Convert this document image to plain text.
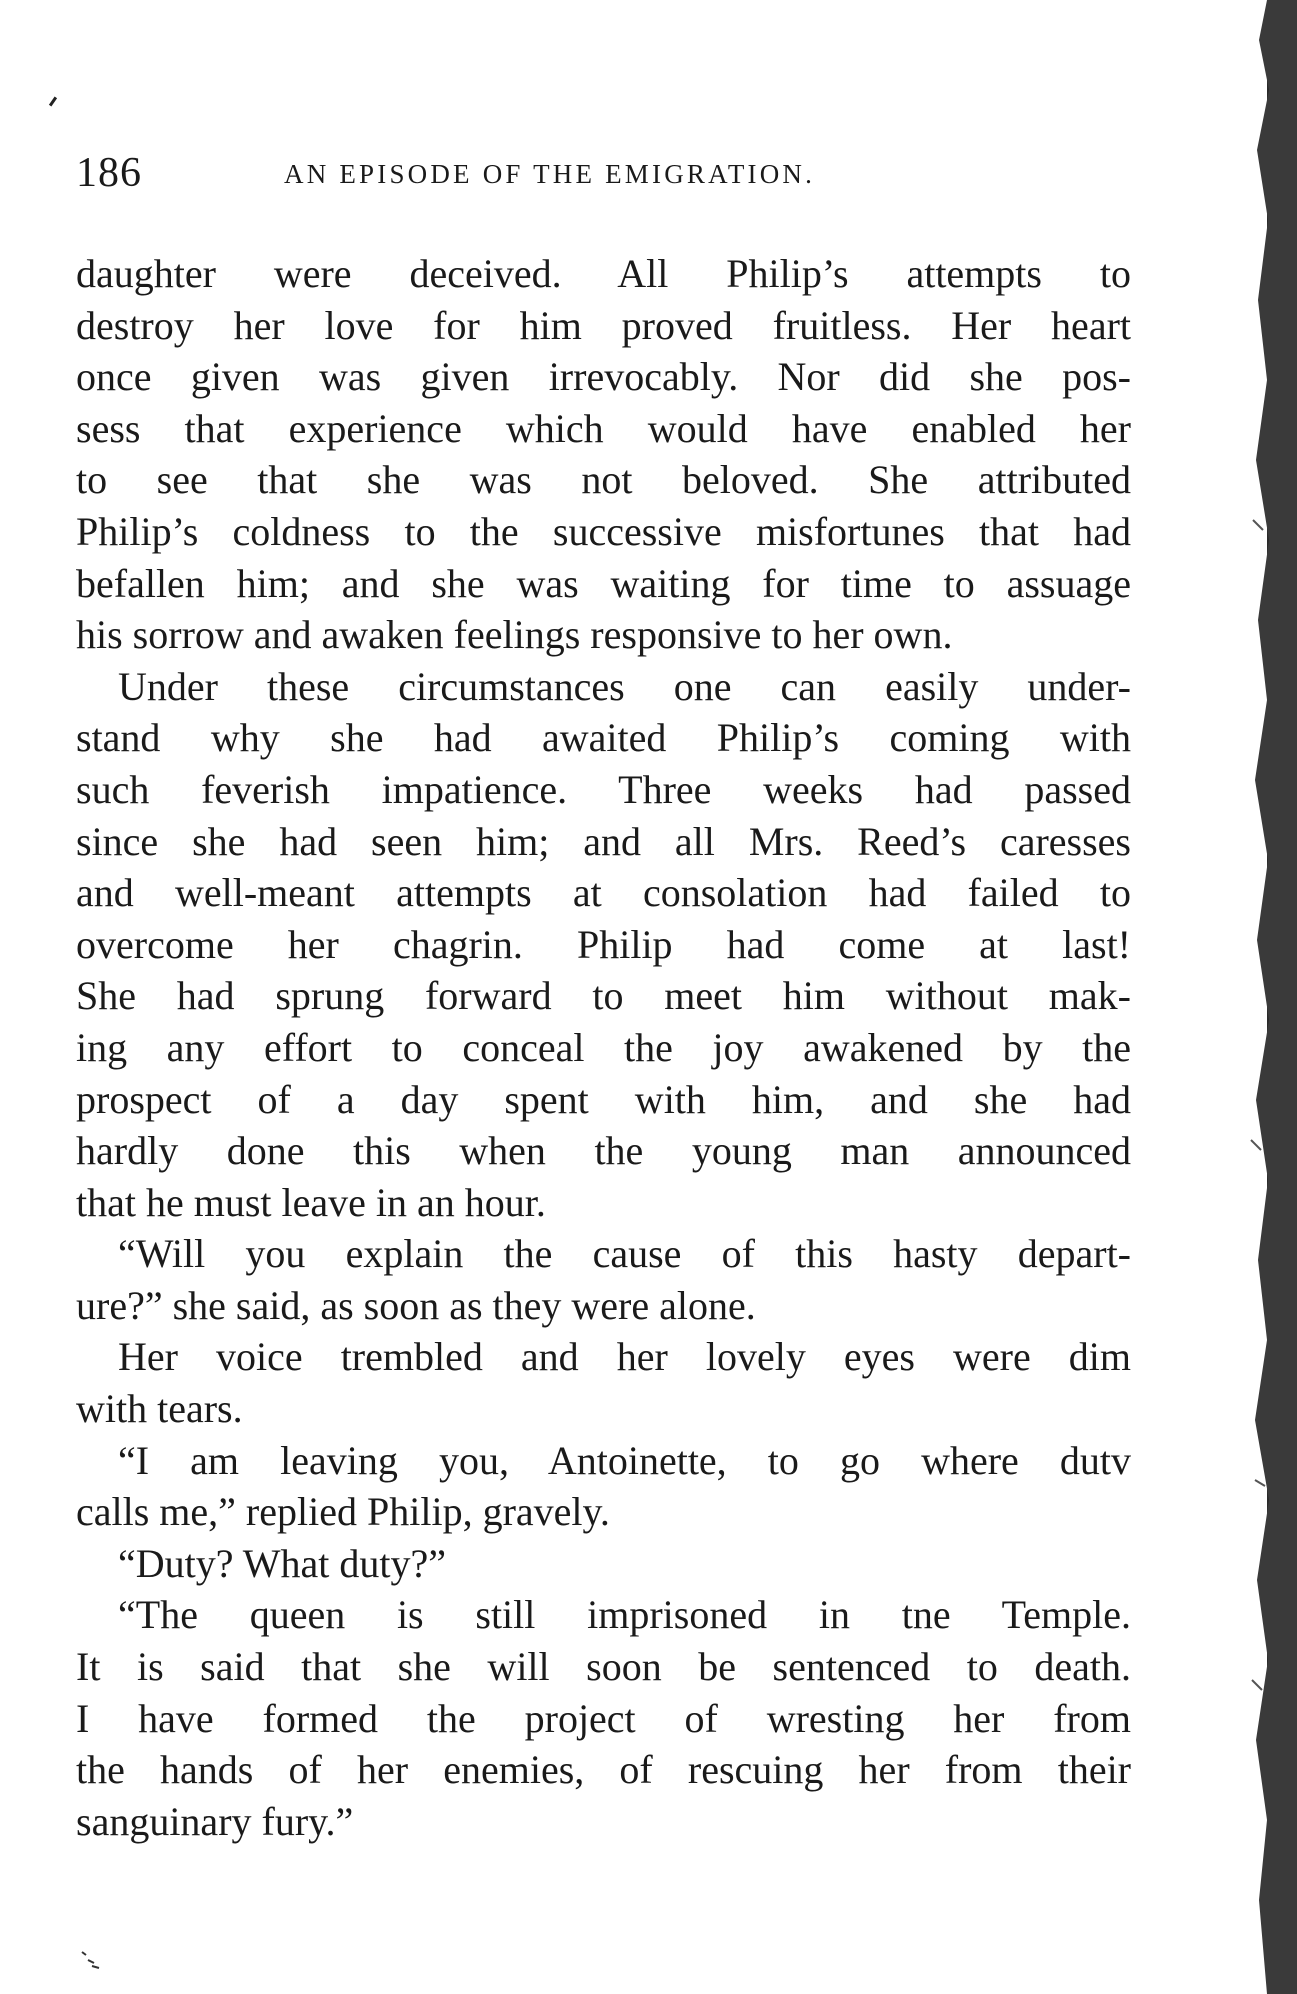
186	AN EPISODE OF THE EMIGRATION.
daughter were deceived. All Philip’s attempts to
destroy her love for him proved fruitless. Her heart
once given was given irrevocably. Nor did she pos-
sess that experience which would have enabled her
to see that she was not beloved. She attributed
Philip’s coldness to the successive misfortunes that had
befallen him; and she was waiting for time to assuage
his sorrow and awaken feelings responsive to her own.
Under these circumstances one can easily under-
stand why she had awaited Philip’s coming with
such feverish impatience. Three weeks had passed
since she had seen him; and all Mrs. Reed’s caresses
and well-meant attempts at consolation had failed to
overcome her chagrin. Philip had come at last!
She had sprung forward to meet him without mak-
ing any effort to conceal the joy awakened by the
prospect of a day spent with him, and she had
hardly done this when the young man announced
that he must leave in an hour.
“Will you explain the cause of this hasty depart-
ure?” she said, as soon as they were alone.
Her voice trembled and her lovely eyes were dim
with tears.
“I am leaving you, Antoinette, to go where dutv
calls me,” replied Philip, gravely.
“Duty? What duty?”
“The queen is still imprisoned in tne Temple.
It is said that she will soon be sentenced to death.
I have formed the project of wresting her from
the hands of her enemies, of rescuing her from their
sanguinary fury.”
